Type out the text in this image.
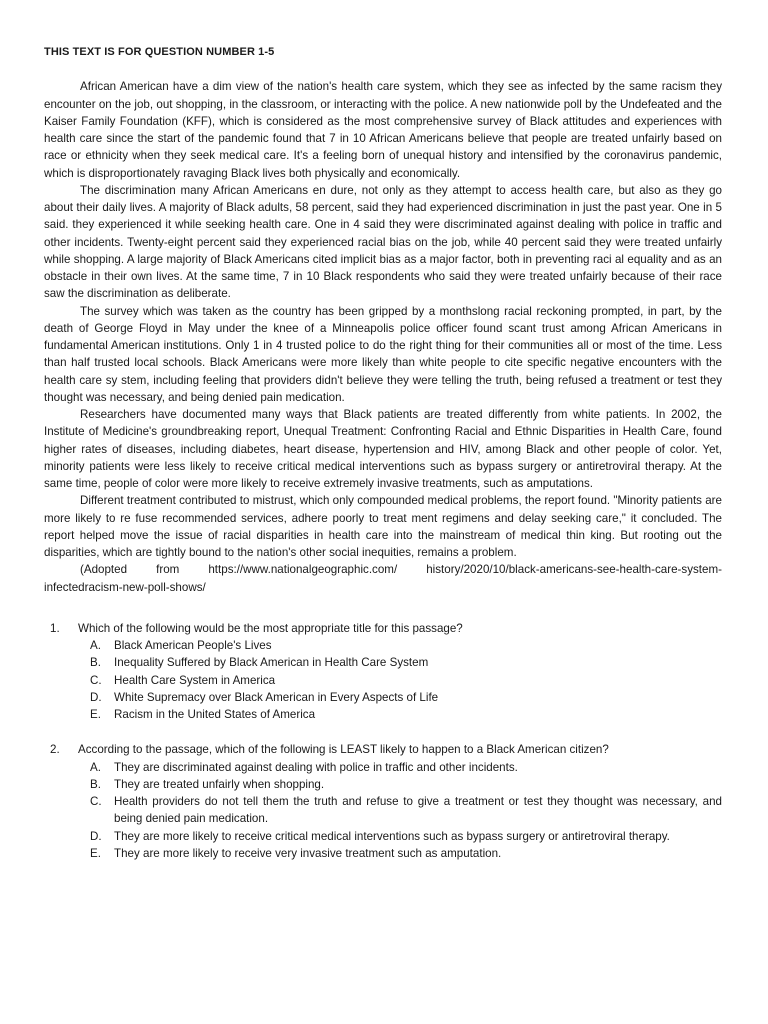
THIS TEXT IS FOR QUESTION NUMBER 1-5

African American have a dim view of the nation's health care system, which they see as infected by the same racism they encounter on the job, out shopping, in the classroom, or interacting with the police. A new nationwide poll by the Undefeated and the Kaiser Family Foundation (KFF), which is considered as the most comprehensive survey of Black attitudes and experiences with health care since the start of the pandemic found that 7 in 10 African Americans believe that people are treated unfairly based on race or ethnicity when they seek medical care. It's a feeling born of unequal history and intensified by the coronavirus pandemic, which is disproportionately ravaging Black lives both physically and economically.

The discrimination many African Americans en dure, not only as they attempt to access health care, but also as they go about their daily lives. A majority of Black adults, 58 percent, said they had experienced discrimination in just the past year. One in 5 said. they experienced it while seeking health care. One in 4 said they were discriminated against dealing with police in traffic and other incidents. Twenty-eight percent said they experienced racial bias on the job, while 40 percent said they were treated unfairly while shopping. A large majority of Black Americans cited implicit bias as a major factor, both in preventing raci al equality and as an obstacle in their own lives. At the same time, 7 in 10 Black respondents who said they were treated unfairly because of their race saw the discrimination as deliberate.

The survey which was taken as the country has been gripped by a monthslong racial reckoning prompted, in part, by the death of George Floyd in May under the knee of a Minneapolis police officer found scant trust among African Americans in fundamental American institutions. Only 1 in 4 trusted police to do the right thing for their communities all or most of the time. Less than half trusted local schools. Black Americans were more likely than white people to cite specific negative encounters with the health care sy stem, including feeling that providers didn't believe they were telling the truth, being refused a treatment or test they thought was necessary, and being denied pain medication.

Researchers have documented many ways that Black patients are treated differently from white patients. In 2002, the Institute of Medicine's groundbreaking report, Unequal Treatment: Confronting Racial and Ethnic Disparities in Health Care, found higher rates of diseases, including diabetes, heart disease, hypertension and HIV, among Black and other people of color. Yet, minority patients were less likely to receive critical medical interventions such as bypass surgery or antiretroviral therapy. At the same time, people of color were more likely to receive extremely invasive treatments, such as amputations.

Different treatment contributed to mistrust, which only compounded medical problems, the report found. "Minority patients are more likely to re fuse recommended services, adhere poorly to treat ment regimens and delay seeking care," it concluded. The report helped move the issue of racial disparities in health care into the mainstream of medical thin king. But rooting out the disparities, which are tightly bound to the nation's other social inequities, remains a problem.

(Adopted from https://www.nationalgeographic.com/ history/2020/10/black-americans-see-health-care-system-infectedracism-new-poll-shows/

1.	Which of the following would be the most appropriate title for this passage?
A.	Black American People's Lives
B.	Inequality Suffered by Black American in Health Care System
C.	Health Care System in America
D.	White Supremacy over Black American in Every Aspects of Life
E.	Racism in the United States of America
2.	According to the passage, which of the following is LEAST likely to happen to a Black American citizen?
A.	They are discriminated against dealing with police in traffic and other incidents.
B.	They are treated unfairly when shopping.
C.	Health providers do not tell them the truth and refuse to give a treatment or test they thought was necessary, and being denied pain medication.
D.	They are more likely to receive critical medical interventions such as bypass surgery or antiretroviral therapy.
E.	They are more likely to receive very invasive treatment such as amputation.
